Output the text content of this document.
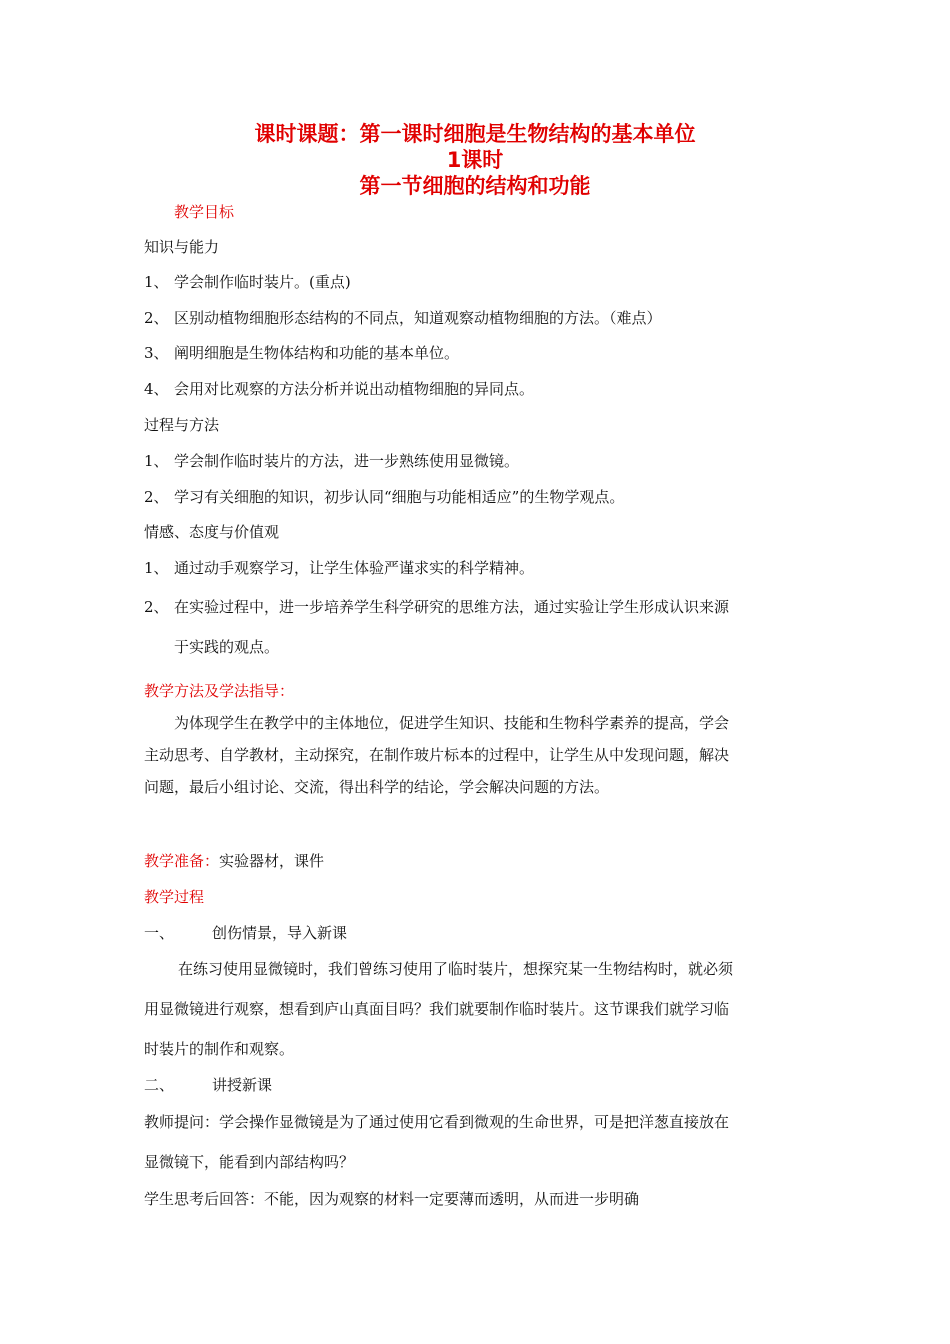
课时课题：第一课时细胞是生物结构的基本单位
1课时
第一节细胞的结构和功能
教学目标
知识与能力
1、 学会制作临时装片。(重点)
2、 区别动植物细胞形态结构的不同点，知道观察动植物细胞的方法。（难点）
3、 阐明细胞是生物体结构和功能的基本单位。
4、 会用对比观察的方法分析并说出动植物细胞的异同点。
过程与方法
1、 学会制作临时装片的方法，进一步熟练使用显微镜。
2、 学习有关细胞的知识，初步认同“细胞与功能相适应”的生物学观点。
情感、态度与价值观
1、 通过动手观察学习，让学生体验严谨求实的科学精神。
2、 在实验过程中，进一步培养学生科学研究的思维方法，通过实验让学生形成认识来源
于实践的观点。
教学方法及学法指导：
为体现学生在教学中的主体地位，促进学生知识、技能和生物科学素养的提高，学会
主动思考、自学教材，主动探究，在制作玻片标本的过程中，让学生从中发现问题，解决
问题，最后小组讨论、交流，得出科学的结论，学会解决问题的方法。
教学准备：实验器材，课件
教学过程
一、	创伤情景，导入新课
在练习使用显微镜时，我们曾练习使用了临时装片，想探究某一生物结构时，就必须
用显微镜进行观察，想看到庐山真面目吗？我们就要制作临时装片。这节课我们就学习临
时装片的制作和观察。
二、	讲授新课
教师提问：学会操作显微镜是为了通过使用它看到微观的生命世界，可是把洋葱直接放在
显微镜下，能看到内部结构吗？
学生思考后回答：不能，因为观察的材料一定要薄而透明，从而进一步明确
